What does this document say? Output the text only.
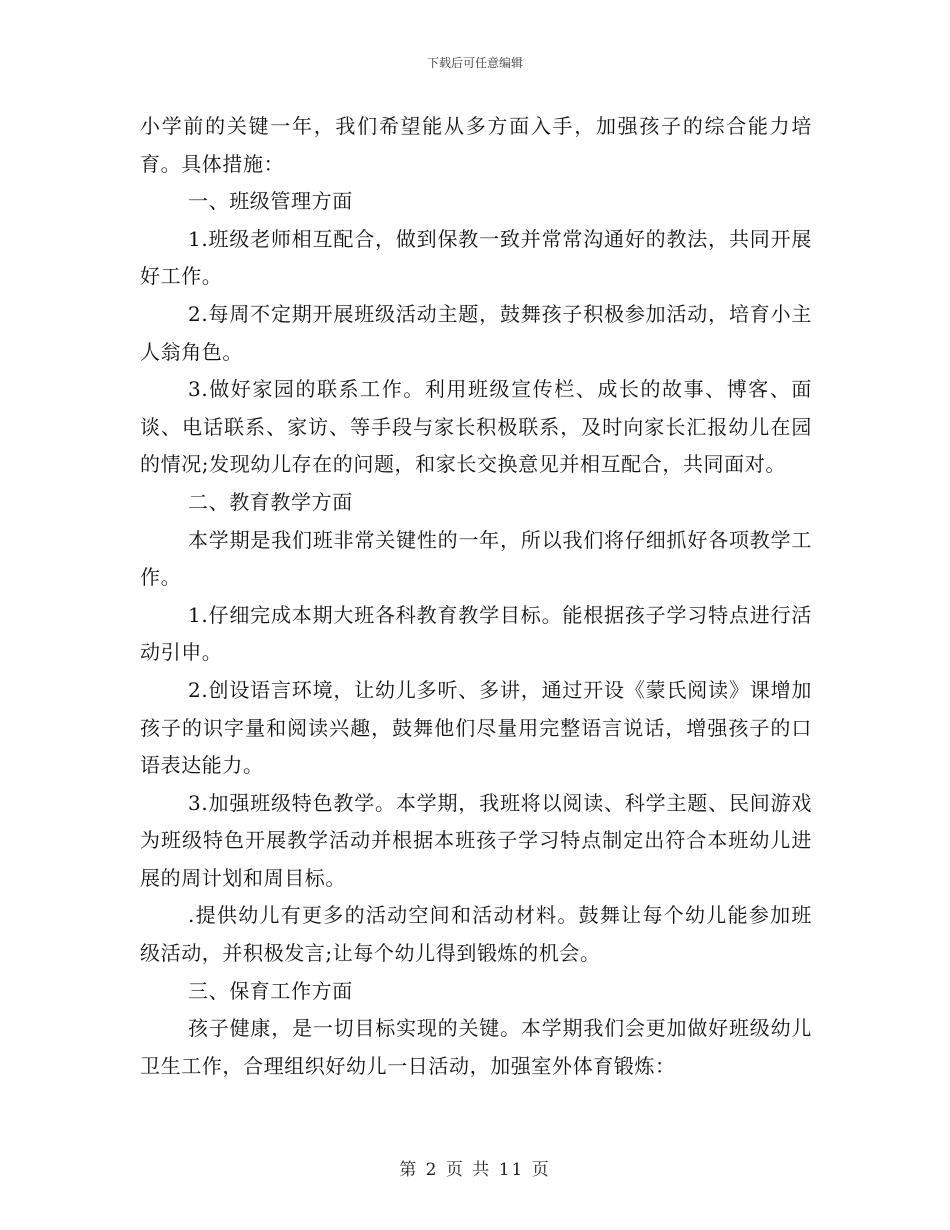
下载后可任意编辑

小学前的关键一年，我们希望能从多方面入手，加强孩子的综合能力培育。具体措施：

一、班级管理方面

1.班级老师相互配合，做到保教一致并常常沟通好的教法，共同开展好工作。

2.每周不定期开展班级活动主题，鼓舞孩子积极参加活动，培育小主人翁角色。

3.做好家园的联系工作。利用班级宣传栏、成长的故事、博客、面谈、电话联系、家访、等手段与家长积极联系，及时向家长汇报幼儿在园的情况;发现幼儿存在的问题，和家长交换意见并相互配合，共同面对。

二、教育教学方面

本学期是我们班非常关键性的一年，所以我们将仔细抓好各项教学工作。

1.仔细完成本期大班各科教育教学目标。能根据孩子学习特点进行活动引申。

2.创设语言环境，让幼儿多听、多讲，通过开设《蒙氏阅读》课增加孩子的识字量和阅读兴趣，鼓舞他们尽量用完整语言说话，增强孩子的口语表达能力。

3.加强班级特色教学。本学期，我班将以阅读、科学主题、民间游戏为班级特色开展教学活动并根据本班孩子学习特点制定出符合本班幼儿进展的周计划和周目标。

.提供幼儿有更多的活动空间和活动材料。鼓舞让每个幼儿能参加班级活动，并积极发言;让每个幼儿得到锻炼的机会。

三、保育工作方面

孩子健康，是一切目标实现的关键。本学期我们会更加做好班级幼儿卫生工作，合理组织好幼儿一日活动，加强室外体育锻炼：

第 2 页 共 11 页
